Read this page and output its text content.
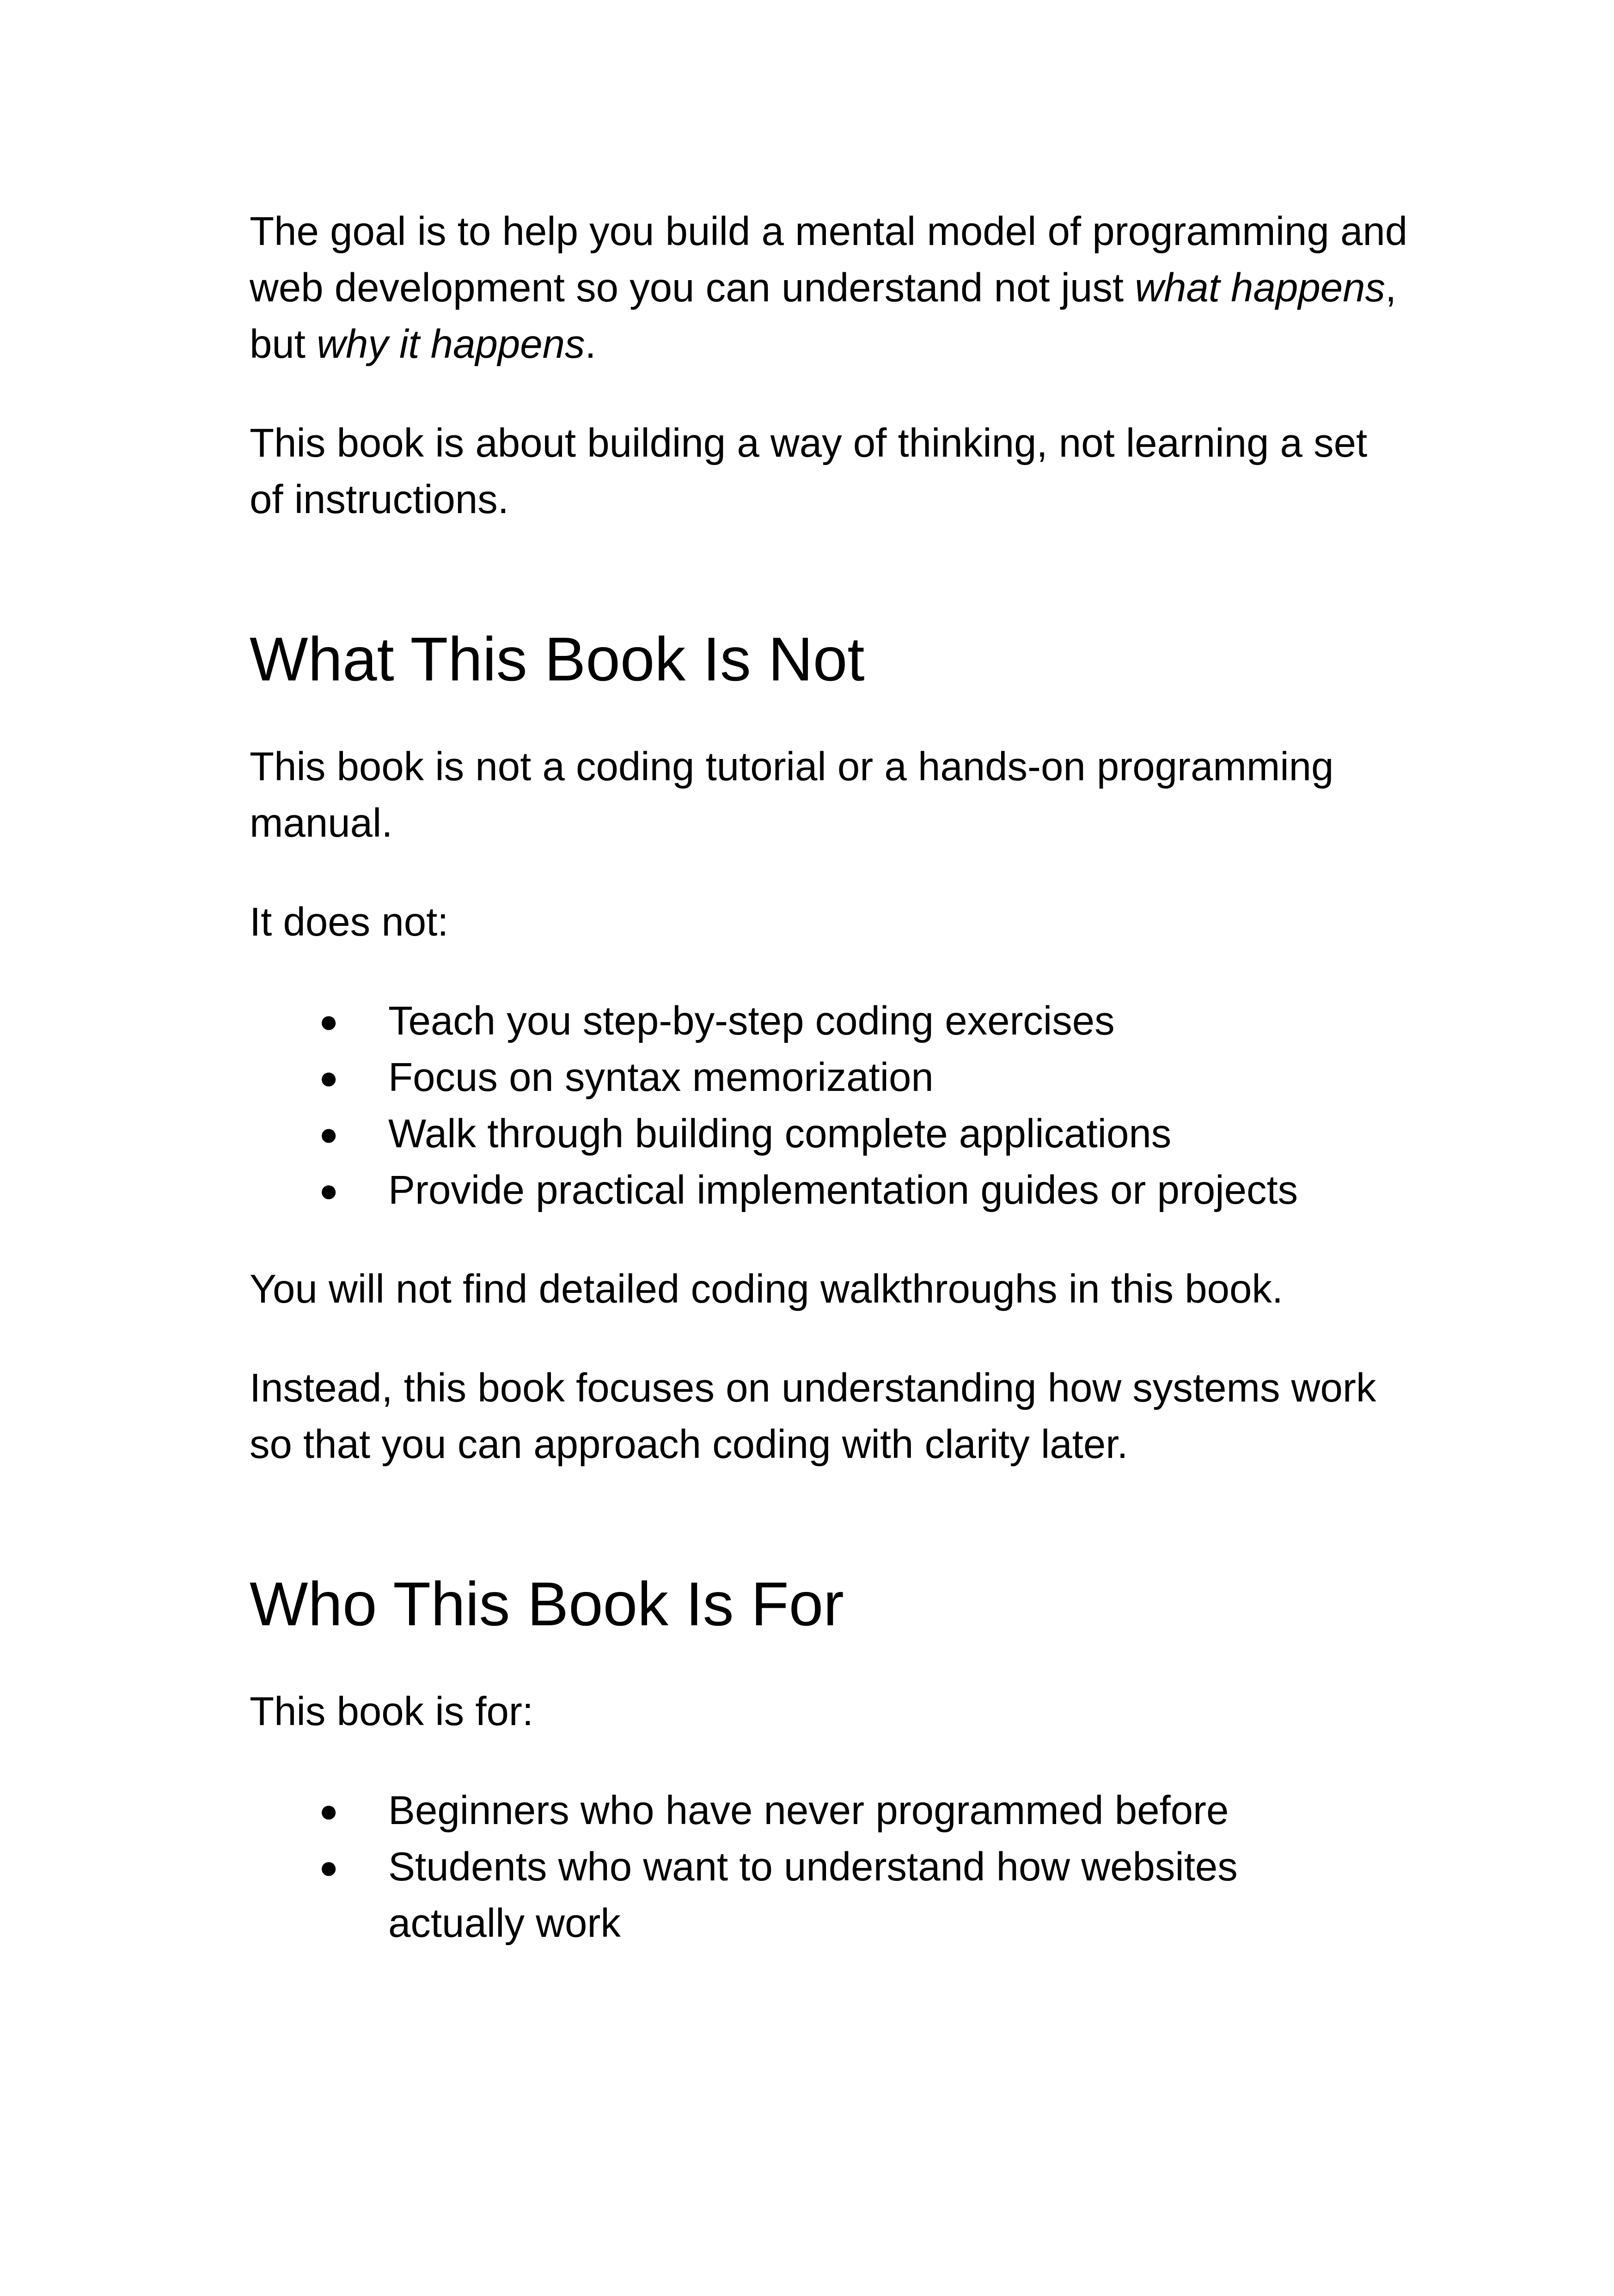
The goal is to help you build a mental model of programming and web development so you can understand not just what happens, but why it happens.

This book is about building a way of thinking, not learning a set of instructions.

What This Book Is Not

This book is not a coding tutorial or a hands-on programming manual.

It does not:

● Teach you step-by-step coding exercises
● Focus on syntax memorization
● Walk through building complete applications
● Provide practical implementation guides or projects

You will not find detailed coding walkthroughs in this book.

Instead, this book focuses on understanding how systems work so that you can approach coding with clarity later.

Who This Book Is For

This book is for:

● Beginners who have never programmed before
● Students who want to understand how websites actually work
